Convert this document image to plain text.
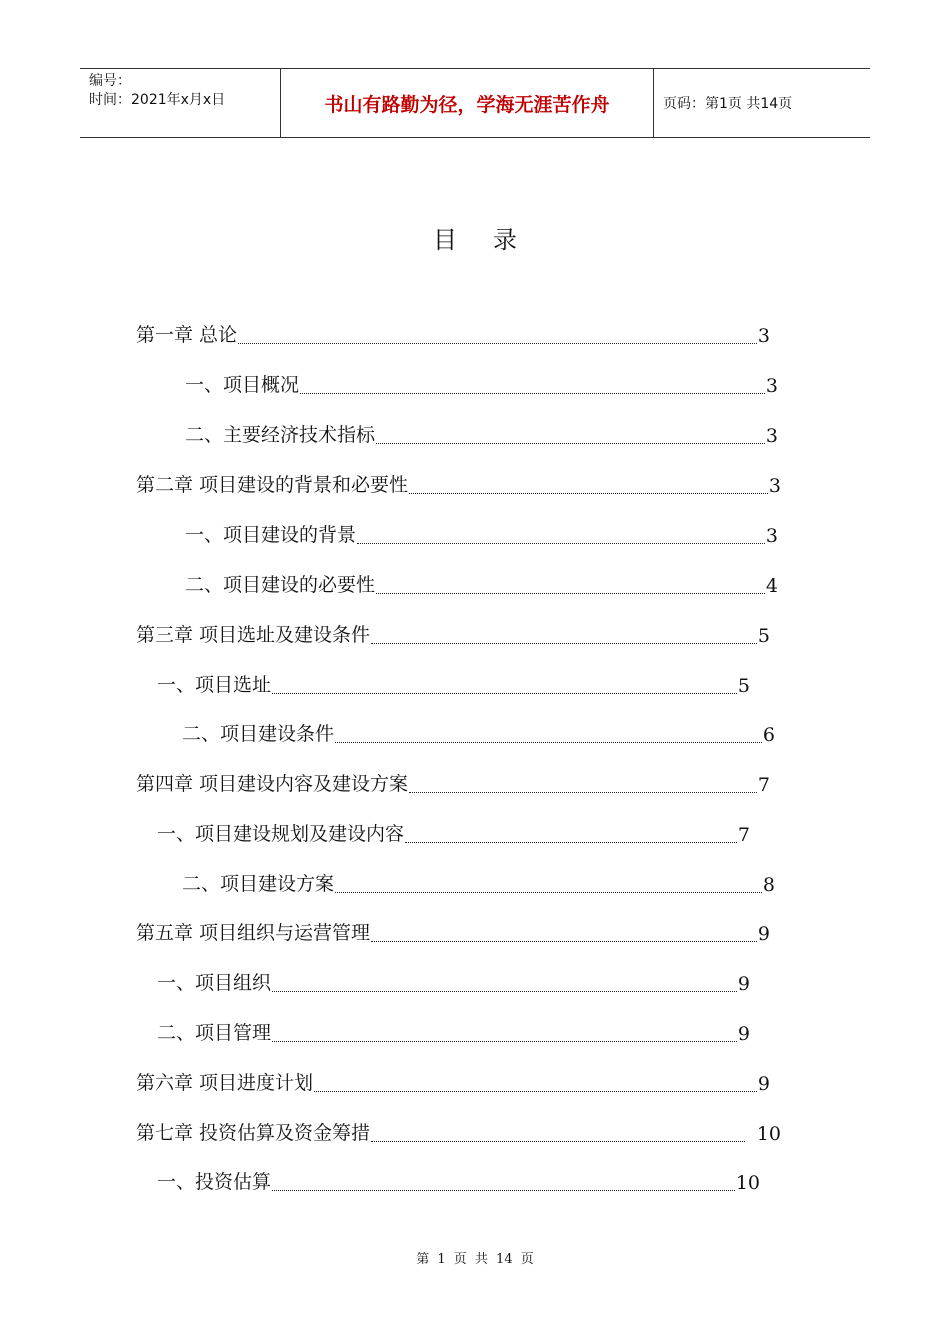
编号：
时间：2021年x月x日	书山有路勤为径，学海无涯苦作舟	页码：第1页 共14页
目录
第一章 总论	3
一、项目概况	3
二、主要经济技术指标	3
第二章 项目建设的背景和必要性	3
一、项目建设的背景	3
二、项目建设的必要性	4
第三章 项目选址及建设条件	5
一、项目选址	5
二、项目建设条件	6
第四章 项目建设内容及建设方案	7
一、项目建设规划及建设内容	7
二、项目建设方案	8
第五章 项目组织与运营管理	9
一、项目组织	9
二、项目管理	9
第六章 项目进度计划	9
第七章 投资估算及资金筹措	10
一、投资估算	10
第 1 页 共 14 页
